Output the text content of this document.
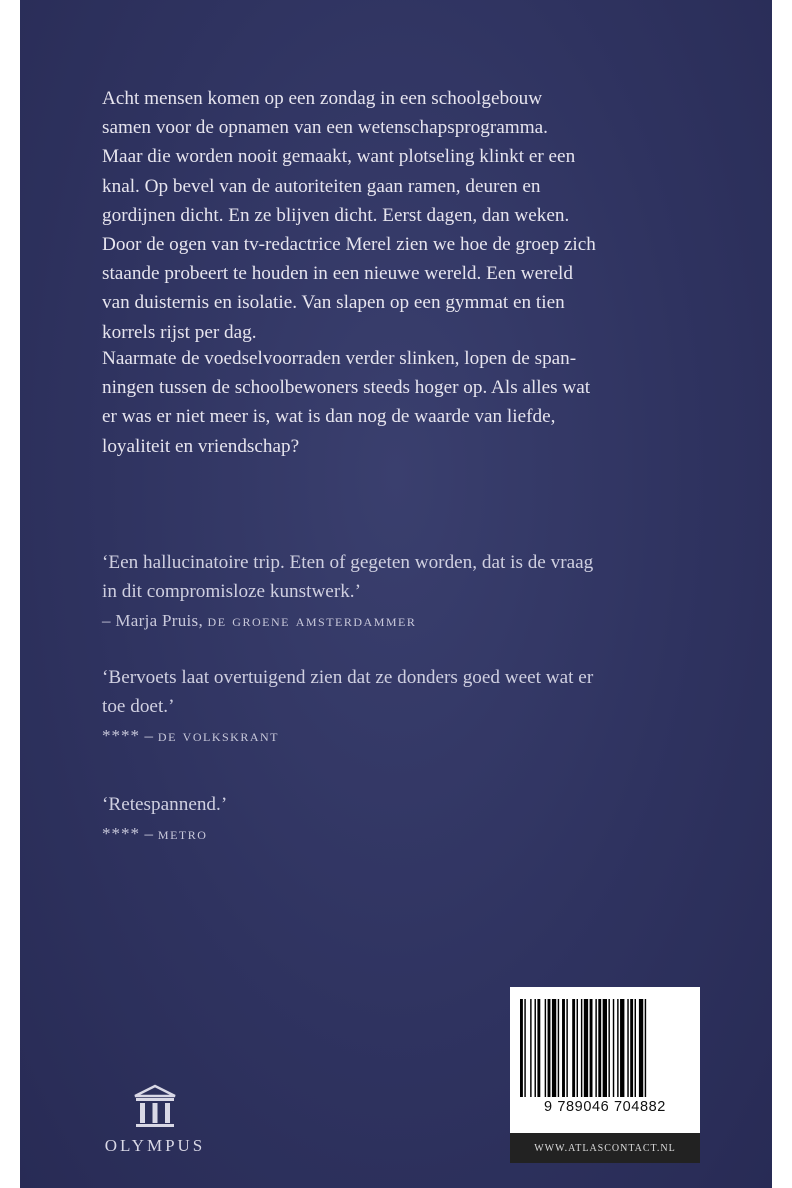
Acht mensen komen op een zondag in een schoolgebouw

samen voor de opnamen van een wetenschapsprogramma.

Maar die worden nooit gemaakt, want plotseling klinkt er een

knal. Op bevel van de autoriteiten gaan ramen, deuren en

gordijnen dicht. En ze blijven dicht. Eerst dagen, dan weken.

Door de ogen van tv-redactrice Merel zien we hoe de groep zich

staande probeert te houden in een nieuwe wereld. Een wereld

van duisternis en isolatie. Van slapen op een gymmat en tien

korrels rijst per dag.

Naarmate de voedselvoorraden verder slinken, lopen de span-

ningen tussen de schoolbewoners steeds hoger op. Als alles wat

er was er niet meer is, wat is dan nog de waarde van liefde,

loyaliteit en vriendschap?

‘Een hallucinatoire trip. Eten of gegeten worden, dat is de vraag

in dit compromisloze kunstwerk.’

– Marja Pruis, de groene amsterdammer

‘Bervoets laat overtuigend zien dat ze donders goed weet wat er

toe doet.’

**** – de volkskrant

‘Retespannend.’

**** – metro

OLYMPUS
9 789046 704882
WWW.ATLASCONTACT.NL
